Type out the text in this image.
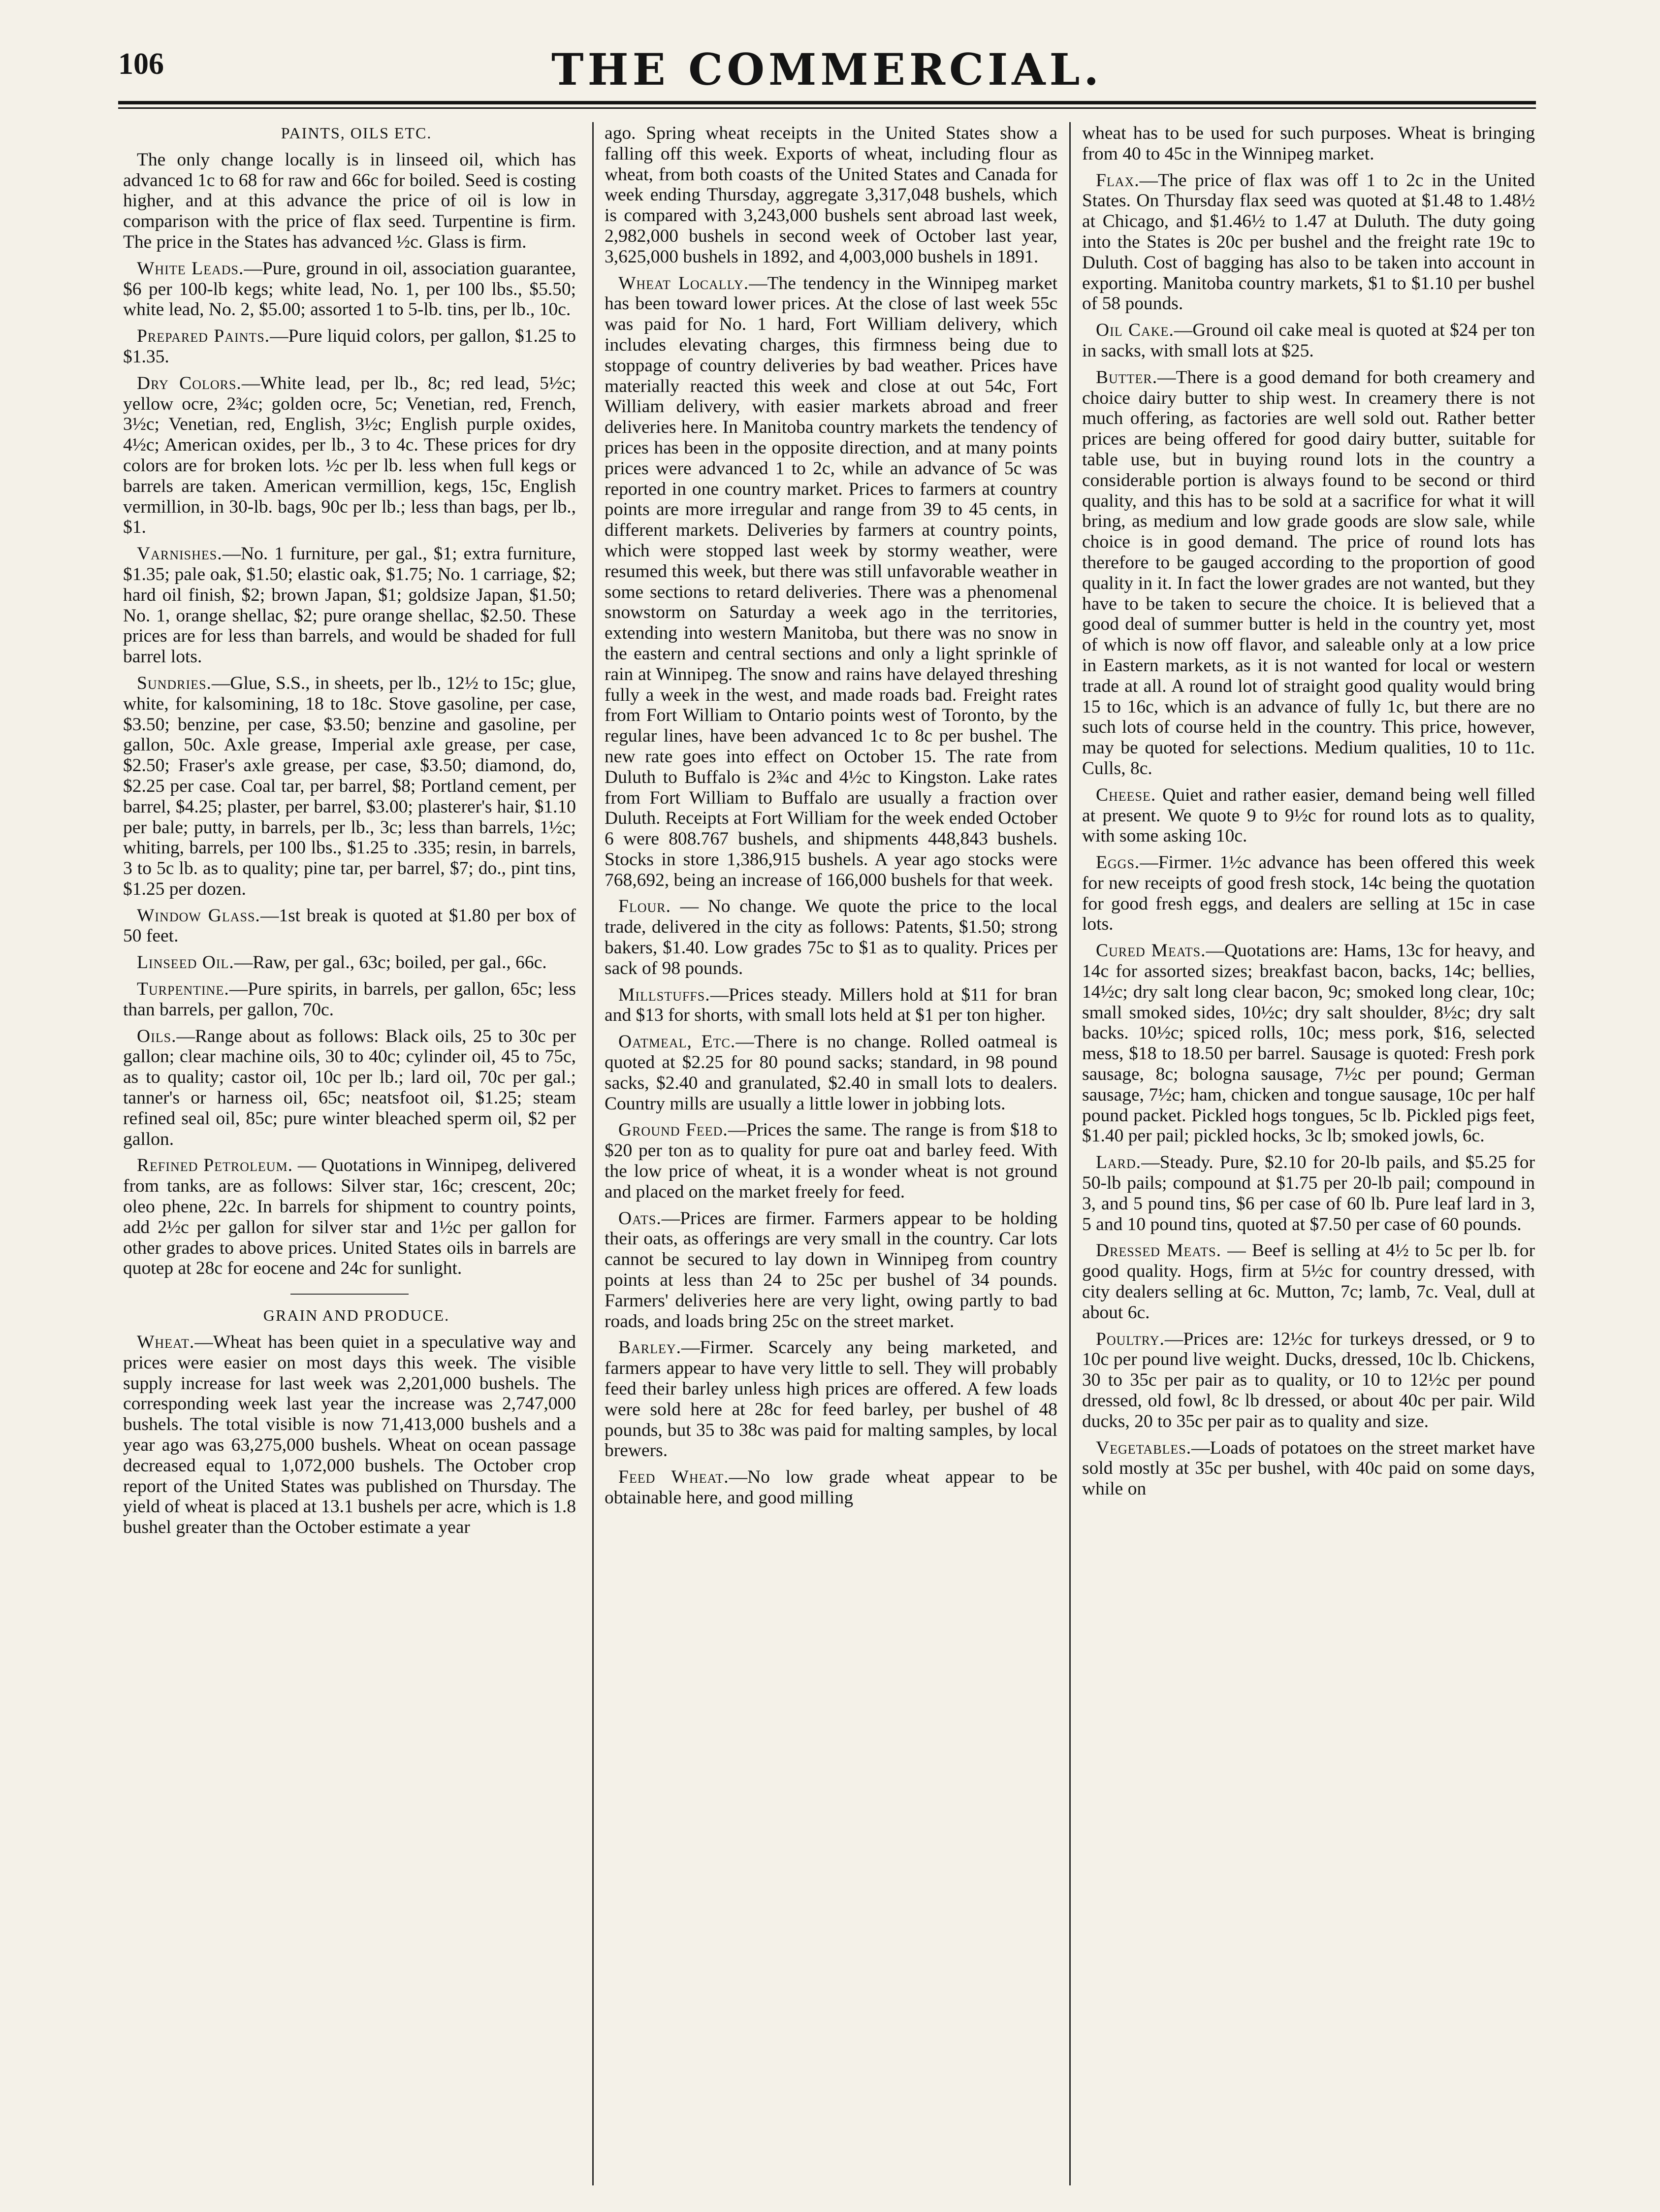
106	THE COMMERCIAL.

PAINTS, OILS ETC.

The only change locally is in linseed oil, which has advanced 1c to 68 for raw and 66c for boiled. Seed is costing higher, and at this advance the price of oil is low in comparison with the price of flax seed. Turpentine is firm. The price in the States has advanced ½c. Glass is firm.

White Leads.—Pure, ground in oil, association guarantee, $6 per 100-lb kegs; white lead, No. 1, per 100 lbs., $5.50; white lead, No. 2, $5.00; assorted 1 to 5-lb. tins, per lb., 10c.

Prepared Paints.—Pure liquid colors, per gallon, $1.25 to $1.35.

Dry Colors.—White lead, per lb., 8c; red lead, 5½c; yellow ocre, 2¾c; golden ocre, 5c; Venetian, red, French, 3½c; Venetian, red, English, 3½c; English purple oxides, 4½c; American oxides, per lb., 3 to 4c. These prices for dry colors are for broken lots. ½c per lb. less when full kegs or barrels are taken. American vermillion, kegs, 15c, English vermillion, in 30-lb. bags, 90c per lb.; less than bags, per lb., $1.

Varnishes.—No. 1 furniture, per gal., $1; extra furniture, $1.35; pale oak, $1.50; elastic oak, $1.75; No. 1 carriage, $2; hard oil finish, $2; brown Japan, $1; goldsize Japan, $1.50; No. 1, orange shellac, $2; pure orange shellac, $2.50. These prices are for less than barrels, and would be shaded for full barrel lots.

Sundries.—Glue, S.S., in sheets, per lb., 12½ to 15c; glue, white, for kalsomining, 18 to 18c. Stove gasoline, per case, $3.50; benzine, per case, $3.50; benzine and gasoline, per gallon, 50c. Axle grease, Imperial axle grease, per case, $2.50; Fraser's axle grease, per case, $3.50; diamond, do, $2.25 per case. Coal tar, per barrel, $8; Portland cement, per barrel, $4.25; plaster, per barrel, $3.00; plasterer's hair, $1.10 per bale; putty, in barrels, per lb., 3c; less than barrels, 1½c; whiting, barrels, per 100 lbs., $1.25 to .335; resin, in barrels, 3 to 5c lb. as to quality; pine tar, per barrel, $7; do., pint tins, $1.25 per dozen.

Window Glass.—1st break is quoted at $1.80 per box of 50 feet.

Linseed Oil.—Raw, per gal., 63c; boiled, per gal., 66c.

Turpentine.—Pure spirits, in barrels, per gallon, 65c; less than barrels, per gallon, 70c.

Oils.—Range about as follows: Black oils, 25 to 30c per gallon; clear machine oils, 30 to 40c; cylinder oil, 45 to 75c, as to quality; castor oil, 10c per lb.; lard oil, 70c per gal.; tanner's or harness oil, 65c; neatsfoot oil, $1.25; steam refined seal oil, 85c; pure winter bleached sperm oil, $2 per gallon.

Refined Petroleum. — Quotations in Winnipeg, delivered from tanks, are as follows: Silver star, 16c; crescent, 20c; oleo phene, 22c. In barrels for shipment to country points, add 2½c per gallon for silver star and 1½c per gallon for other grades to above prices. United States oils in barrels are quotep at 28c for eocene and 24c for sunlight.

GRAIN AND PRODUCE.

Wheat.—Wheat has been quiet in a speculative way and prices were easier on most days this week. The visible supply increase for last week was 2,201,000 bushels. The corresponding week last year the increase was 2,747,000 bushels. The total visible is now 71,413,000 bushels and a year ago was 63,275,000 bushels. Wheat on ocean passage decreased equal to 1,072,000 bushels. The October crop report of the United States was published on Thursday. The yield of wheat is placed at 13.1 bushels per acre, which is 1.8 bushel greater than the October estimate a year

ago. Spring wheat receipts in the United States show a falling off this week. Exports of wheat, including flour as wheat, from both coasts of the United States and Canada for week ending Thursday, aggregate 3,317,048 bushels, which is compared with 3,243,000 bushels sent abroad last week, 2,982,000 bushels in second week of October last year, 3,625,000 bushels in 1892, and 4,003,000 bushels in 1891.

Wheat Locally.—The tendency in the Winnipeg market has been toward lower prices. At the close of last week 55c was paid for No. 1 hard, Fort William delivery, which includes elevating charges, this firmness being due to stoppage of country deliveries by bad weather. Prices have materially reacted this week and close at out 54c, Fort William delivery, with easier markets abroad and freer deliveries here. In Manitoba country markets the tendency of prices has been in the opposite direction, and at many points prices were advanced 1 to 2c, while an advance of 5c was reported in one country market. Prices to farmers at country points are more irregular and range from 39 to 45 cents, in different markets. Deliveries by farmers at country points, which were stopped last week by stormy weather, were resumed this week, but there was still unfavorable weather in some sections to retard deliveries. There was a phenomenal snowstorm on Saturday a week ago in the territories, extending into western Manitoba, but there was no snow in the eastern and central sections and only a light sprinkle of rain at Winnipeg. The snow and rains have delayed threshing fully a week in the west, and made roads bad. Freight rates from Fort William to Ontario points west of Toronto, by the regular lines, have been advanced 1c to 8c per bushel. The new rate goes into effect on October 15. The rate from Duluth to Buffalo is 2¾c and 4½c to Kingston. Lake rates from Fort William to Buffalo are usually a fraction over Duluth. Receipts at Fort William for the week ended October 6 were 808.767 bushels, and shipments 448,843 bushels. Stocks in store 1,386,915 bushels. A year ago stocks were 768,692, being an increase of 166,000 bushels for that week.

Flour. — No change. We quote the price to the local trade, delivered in the city as follows: Patents, $1.50; strong bakers, $1.40. Low grades 75c to $1 as to quality. Prices per sack of 98 pounds.

Millstuffs.—Prices steady. Millers hold at $11 for bran and $13 for shorts, with small lots held at $1 per ton higher.

Oatmeal, Etc.—There is no change. Rolled oatmeal is quoted at $2.25 for 80 pound sacks; standard, in 98 pound sacks, $2.40 and granulated, $2.40 in small lots to dealers. Country mills are usually a little lower in jobbing lots.

Ground Feed.—Prices the same. The range is from $18 to $20 per ton as to quality for pure oat and barley feed. With the low price of wheat, it is a wonder wheat is not ground and placed on the market freely for feed.

Oats.—Prices are firmer. Farmers appear to be holding their oats, as offerings are very small in the country. Car lots cannot be secured to lay down in Winnipeg from country points at less than 24 to 25c per bushel of 34 pounds. Farmers' deliveries here are very light, owing partly to bad roads, and loads bring 25c on the street market.

Barley.—Firmer. Scarcely any being marketed, and farmers appear to have very little to sell. They will probably feed their barley unless high prices are offered. A few loads were sold here at 28c for feed barley, per bushel of 48 pounds, but 35 to 38c was paid for malting samples, by local brewers.

Feed Wheat.—No low grade wheat appear to be obtainable here, and good milling

wheat has to be used for such purposes. Wheat is bringing from 40 to 45c in the Winnipeg market.

Flax.—The price of flax was off 1 to 2c in the United States. On Thursday flax seed was quoted at $1.48 to 1.48½ at Chicago, and $1.46½ to 1.47 at Duluth. The duty going into the States is 20c per bushel and the freight rate 19c to Duluth. Cost of bagging has also to be taken into account in exporting. Manitoba country markets, $1 to $1.10 per bushel of 58 pounds.

Oil Cake.—Ground oil cake meal is quoted at $24 per ton in sacks, with small lots at $25.

Butter.—There is a good demand for both creamery and choice dairy butter to ship west. In creamery there is not much offering, as factories are well sold out. Rather better prices are being offered for good dairy butter, suitable for table use, but in buying round lots in the country a considerable portion is always found to be second or third quality, and this has to be sold at a sacrifice for what it will bring, as medium and low grade goods are slow sale, while choice is in good demand. The price of round lots has therefore to be gauged according to the proportion of good quality in it. In fact the lower grades are not wanted, but they have to be taken to secure the choice. It is believed that a good deal of summer butter is held in the country yet, most of which is now off flavor, and saleable only at a low price in Eastern markets, as it is not wanted for local or western trade at all. A round lot of straight good quality would bring 15 to 16c, which is an advance of fully 1c, but there are no such lots of course held in the country. This price, however, may be quoted for selections. Medium qualities, 10 to 11c. Culls, 8c.

Cheese. Quiet and rather easier, demand being well filled at present. We quote 9 to 9½c for round lots as to quality, with some asking 10c.

Eggs.—Firmer. 1½c advance has been offered this week for new receipts of good fresh stock, 14c being the quotation for good fresh eggs, and dealers are selling at 15c in case lots.

Cured Meats.—Quotations are: Hams, 13c for heavy, and 14c for assorted sizes; breakfast bacon, backs, 14c; bellies, 14½c; dry salt long clear bacon, 9c; smoked long clear, 10c; small smoked sides, 10½c; dry salt shoulder, 8½c; dry salt backs. 10½c; spiced rolls, 10c; mess pork, $16, selected mess, $18 to 18.50 per barrel. Sausage is quoted: Fresh pork sausage, 8c; bologna sausage, 7½c per pound; German sausage, 7½c; ham, chicken and tongue sausage, 10c per half pound packet. Pickled hogs tongues, 5c lb. Pickled pigs feet, $1.40 per pail; pickled hocks, 3c lb; smoked jowls, 6c.

Lard.—Steady. Pure, $2.10 for 20-lb pails, and $5.25 for 50-lb pails; compound at $1.75 per 20-lb pail; compound in 3, and 5 pound tins, $6 per case of 60 lb. Pure leaf lard in 3, 5 and 10 pound tins, quoted at $7.50 per case of 60 pounds.

Dressed Meats. — Beef is selling at 4½ to 5c per lb. for good quality. Hogs, firm at 5½c for country dressed, with city dealers selling at 6c. Mutton, 7c; lamb, 7c. Veal, dull at about 6c.

Poultry.—Prices are: 12½c for turkeys dressed, or 9 to 10c per pound live weight. Ducks, dressed, 10c lb. Chickens, 30 to 35c per pair as to quality, or 10 to 12½c per pound dressed, old fowl, 8c lb dressed, or about 40c per pair. Wild ducks, 20 to 35c per pair as to quality and size.

Vegetables.—Loads of potatoes on the street market have sold mostly at 35c per bushel, with 40c paid on some days, while on
